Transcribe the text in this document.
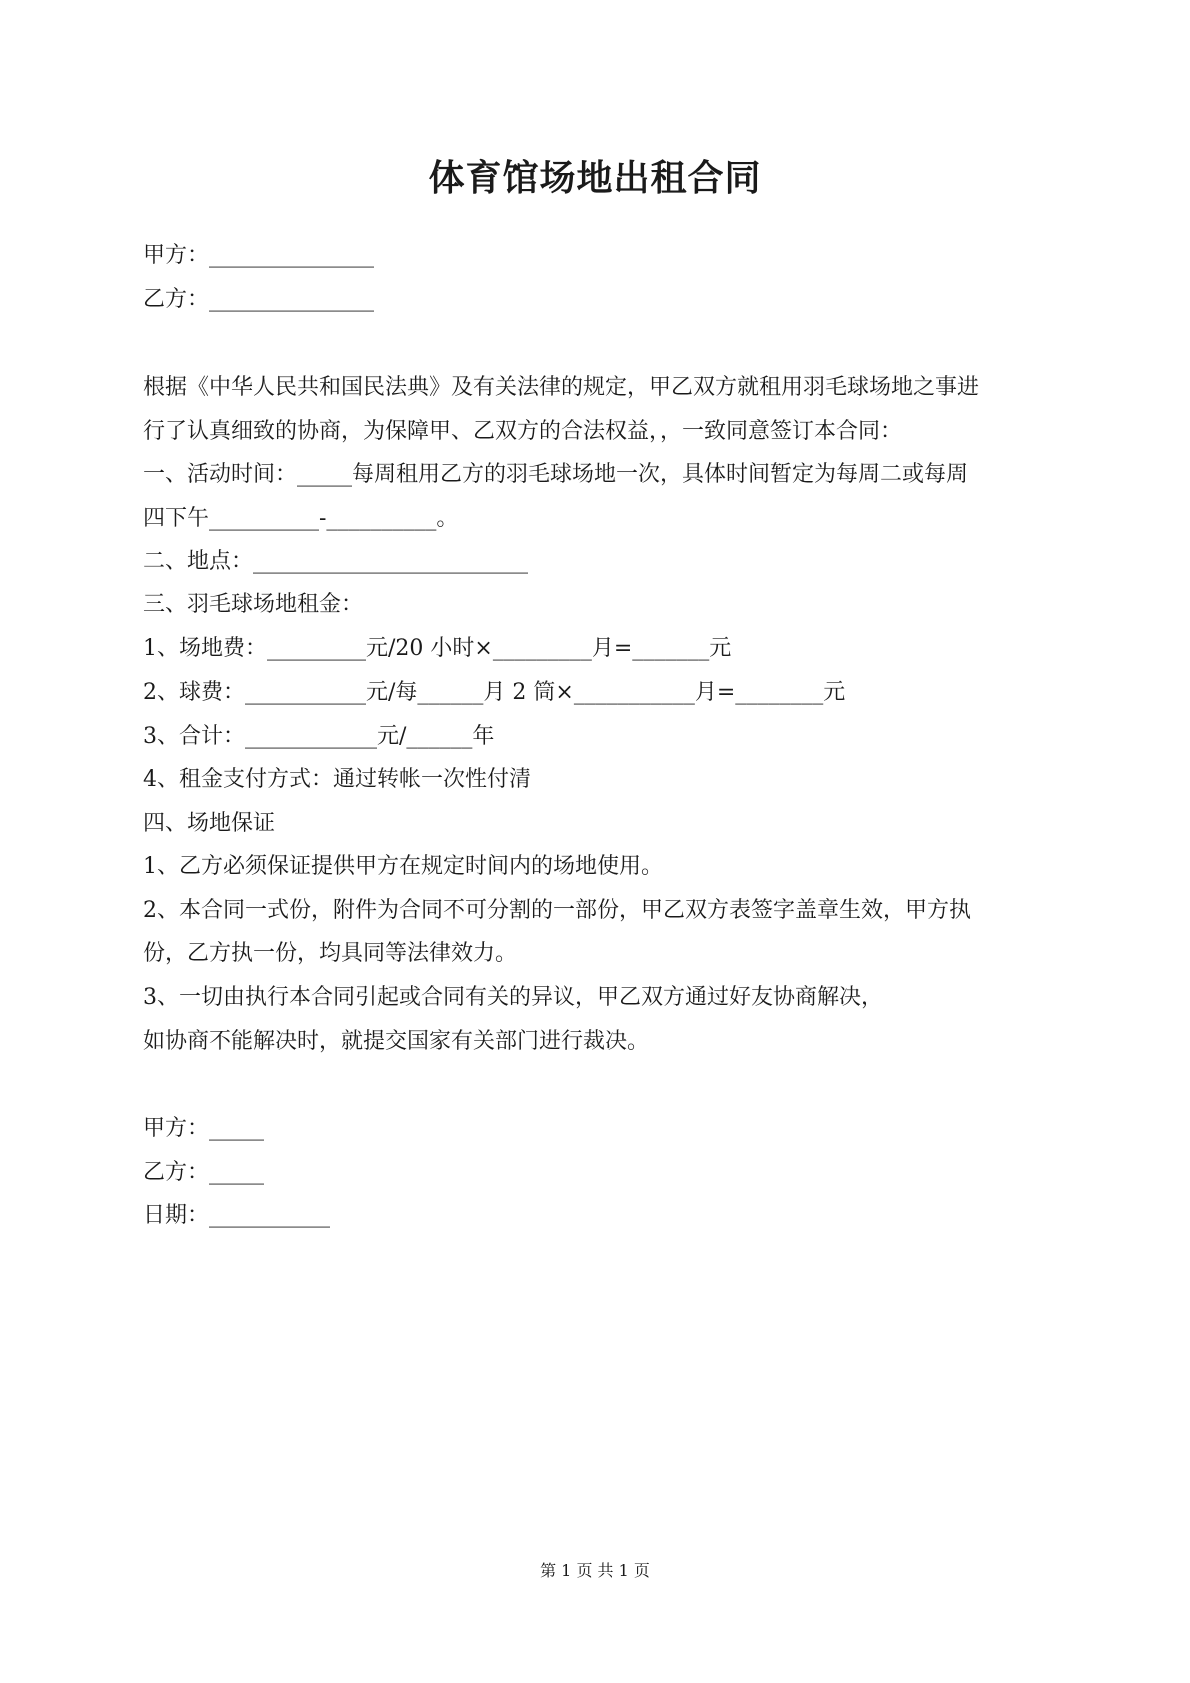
体育馆场地出租合同
甲方：_______________
乙方：_______________
根据《中华人民共和国民法典》及有关法律的规定，甲乙双方就租用羽毛球场地之事进
行了认真细致的协商，为保障甲、乙双方的合法权益，，一致同意签订本合同：
一、活动时间：_____每周租用乙方的羽毛球场地一次，具体时间暂定为每周二或每周
四下午__________-__________。
二、地点：_________________________
三、羽毛球场地租金：
1、场地费：_________元/20 小时×_________月=_______元
2、球费：___________元/每______月 2 筒×___________月=________元
3、合计：____________元/______年
4、租金支付方式：通过转帐一次性付清
四、场地保证
1、乙方必须保证提供甲方在规定时间内的场地使用。
2、本合同一式份，附件为合同不可分割的一部份，甲乙双方表签字盖章生效，甲方执
份，乙方执一份，均具同等法律效力。
3、一切由执行本合同引起或合同有关的异议，甲乙双方通过好友协商解决，
如协商不能解决时，就提交国家有关部门进行裁决。
甲方：_____
乙方：_____
日期：___________
第 1 页 共 1 页
